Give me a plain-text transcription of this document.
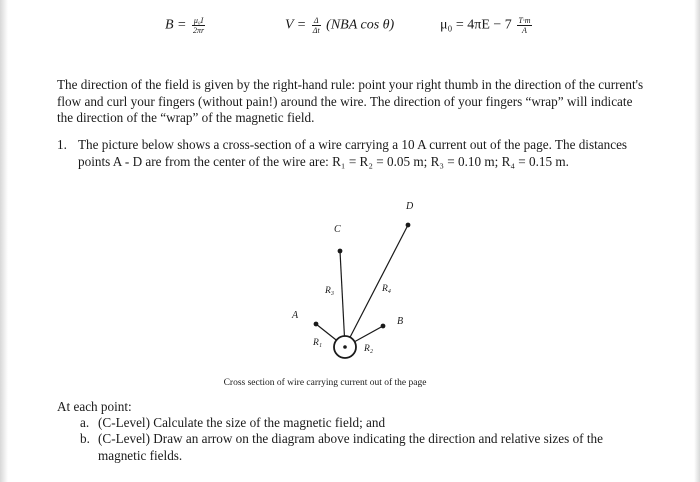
$B = \frac{\text{μ₀I}}{2\pi r}$	$V = \frac{\Delta}{\Delta t} (NBA$ cos θ)	$\mu_0 = 4\pi E - 7 \frac{T\cdot m}{A}$
The direction of the field is given by the right-hand rule: point your right thumb in the direction of the current's flow and curl your fingers (without pain!) around the wire. The direction of your fingers “wrap” will indicate the direction of the “wrap” of the magnetic field.
1. The picture below shows a cross-section of a wire carrying a 10 A current out of the page. The distances points A - D are from the center of the wire are: R₁ = R₂ = 0.05 m; R₃ = 0.10 m; R₄ = 0.15 m.
A
B
C
D
R₁
R₂
R₃	R₄
Cross section of wire carrying current out of the page
At each point:
a. (C-Level) Calculate the size of the magnetic field; and
b. (C-Level) Draw an arrow on the diagram above indicating the direction and relative sizes of the magnetic fields.
